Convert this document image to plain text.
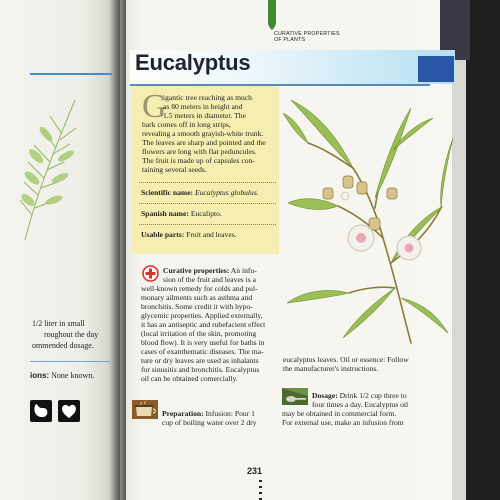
1/2 liter in small
roughout the day
ommended dosage.
ions: None known.
CURATIVE PROPERTIES
OF PLANTS
Eucalyptus
G
igantic tree reaching as much
as 80 meters in height and
1.5 meters in diameter. The
bark comes off in long strips,
revealing a smooth grayish-white trunk.
The leaves are sharp and pointed and the
flowers are long with flat peduncules.
The fruit is made up of capsules con-
taining several seeds.
Scientific name: Eucalyptus globulus.
Spanish name: Eucalipto.
Usable parts: Fruit and leaves.
Curative properties: An infu-
sion of the fruit and leaves is a
well-known remedy for colds and pul-
monary ailments such as asthma and
bronchitis. Some credit it with hypo-
glycemic properties. Applied externally,
it has an antiseptic and rubefacient effect
(local irritation of the skin, promoting
blood flow). It is very useful for baths in
cases of exanthematic diseases. The ma-
ture or dry leaves are used as inhalants
for sinusitis and bronchitis. Eucalyptus
oil can be obtained comercially.
eucalyptus leaves. Oil or essence: Follow
the manufacturer's instructions.
Preparation: Infusion: Pour 1
cup of boiling water over 2 dry
Dosage: Drink 1/2 cup three to
four times a day. Eucalyptus oil
may be obtained in commercial form.
For external use, make an infusion from
231
